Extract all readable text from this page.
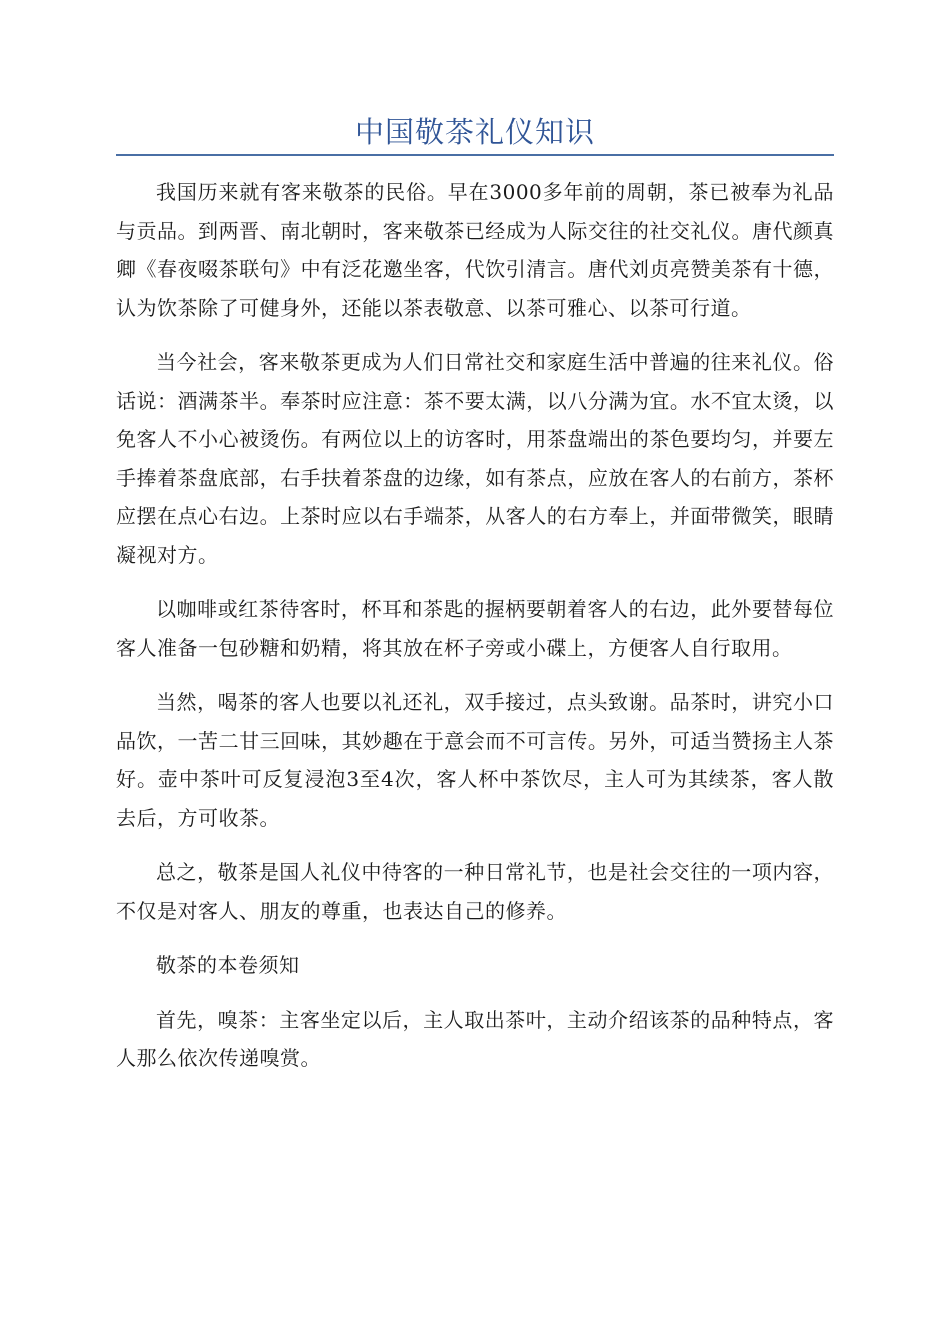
中国敬茶礼仪知识

我国历来就有客来敬茶的民俗。早在3000多年前的周朝，茶已被奉为礼品与贡品。到两晋、南北朝时，客来敬茶已经成为人际交往的社交礼仪。唐代颜真卿《春夜啜茶联句》中有泛花邀坐客，代饮引清言。唐代刘贞亮赞美茶有十德，认为饮茶除了可健身外，还能以茶表敬意、以茶可雅心、以茶可行道。

当今社会，客来敬茶更成为人们日常社交和家庭生活中普遍的往来礼仪。俗话说：酒满茶半。奉茶时应注意：茶不要太满，以八分满为宜。水不宜太烫，以免客人不小心被烫伤。有两位以上的访客时，用茶盘端出的茶色要均匀，并要左手捧着茶盘底部，右手扶着茶盘的边缘，如有茶点，应放在客人的右前方，茶杯应摆在点心右边。上茶时应以右手端茶，从客人的右方奉上，并面带微笑，眼睛凝视对方。

以咖啡或红茶待客时，杯耳和茶匙的握柄要朝着客人的右边，此外要替每位客人准备一包砂糖和奶精，将其放在杯子旁或小碟上，方便客人自行取用。

当然，喝茶的客人也要以礼还礼，双手接过，点头致谢。品茶时，讲究小口品饮，一苦二甘三回味，其妙趣在于意会而不可言传。另外，可适当赞扬主人茶好。壶中茶叶可反复浸泡3至4次，客人杯中茶饮尽，主人可为其续茶，客人散去后，方可收茶。

总之，敬茶是国人礼仪中待客的一种日常礼节，也是社会交往的一项内容，不仅是对客人、朋友的尊重，也表达自己的修养。

敬茶的本卷须知

首先，嗅茶：主客坐定以后，主人取出茶叶，主动介绍该茶的品种特点，客人那么依次传递嗅赏。
